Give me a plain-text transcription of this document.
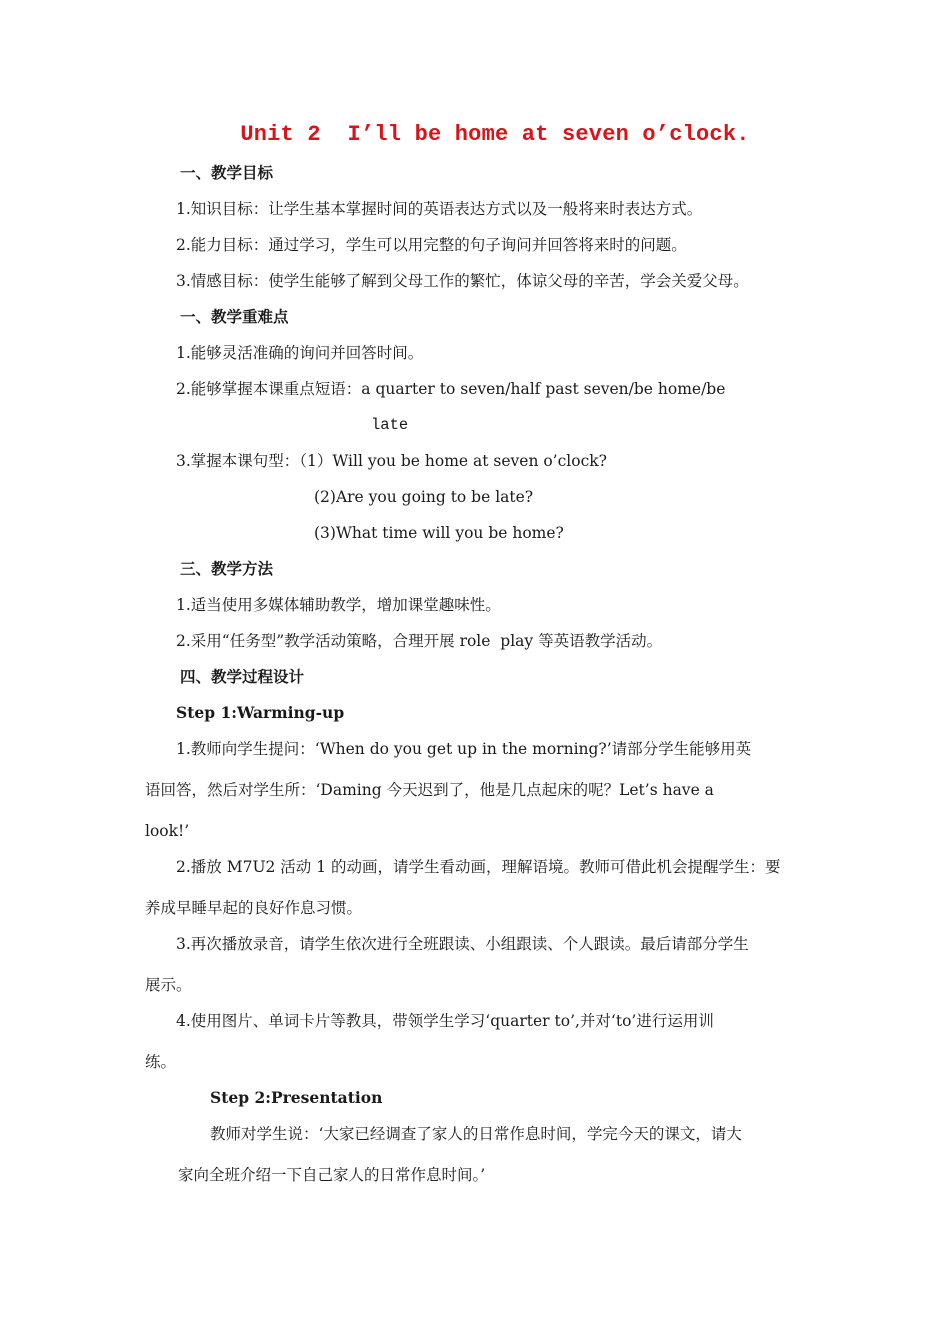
Unit 2  I’ll be home at seven o’clock.
一、教学目标
1.知识目标：让学生基本掌握时间的英语表达方式以及一般将来时表达方式。
2.能力目标：通过学习，学生可以用完整的句子询问并回答将来时的问题。
3.情感目标：使学生能够了解到父母工作的繁忙，体谅父母的辛苦，学会关爱父母。
一、教学重难点
1.能够灵活准确的询问并回答时间。
2.能够掌握本课重点短语：a quarter to seven/half past seven/be home/be
late
3.掌握本课句型：（1）Will you be home at seven o’clock?
(2)Are you going to be late?
(3)What time will you be home?
三、教学方法
1.适当使用多媒体辅助教学，增加课堂趣味性。
2.采用“任务型”教学活动策略，合理开展 role  play 等英语教学活动。
四、教学过程设计
Step 1:Warming-up
1.教师向学生提问：‘When do you get up in the morning?’请部分学生能够用英
语回答，然后对学生所：‘Daming 今天迟到了，他是几点起床的呢？Let’s have a
look!’
2.播放 M7U2 活动 1 的动画，请学生看动画，理解语境。教师可借此机会提醒学生：要
养成早睡早起的良好作息习惯。
3.再次播放录音，请学生依次进行全班跟读、小组跟读、个人跟读。最后请部分学生
展示。
4.使用图片、单词卡片等教具，带领学生学习‘quarter to’,并对‘to’进行运用训
练。
Step 2:Presentation
教师对学生说：‘大家已经调查了家人的日常作息时间，学完今天的课文，请大
家向全班介绍一下自己家人的日常作息时间。’
